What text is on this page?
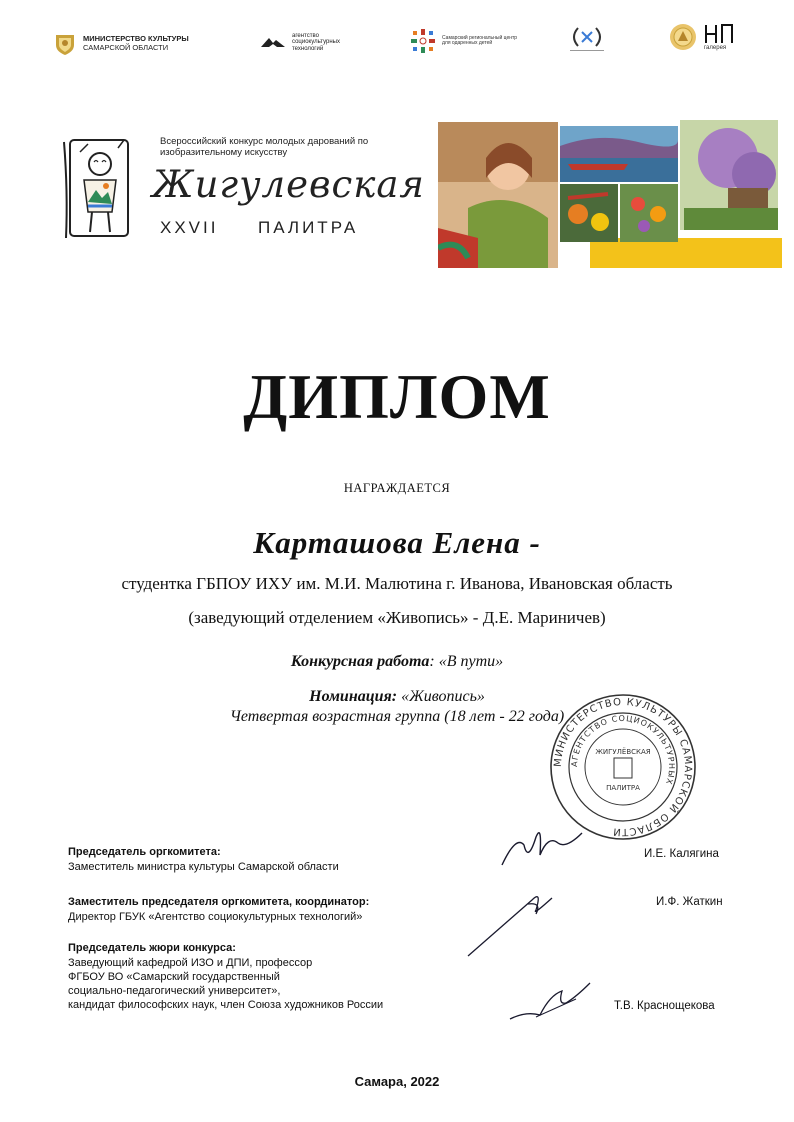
МИНИСТЕРСТВО КУЛЬТУРЫ
САМАРСКОЙ ОБЛАСТИ
агентство
социокультурных
технологий
Самарский региональный центр для одаренных детей
галерея
Всероссийский конкурс молодых дарований по изобразительному искусству
Жигулевская
XXVII ПАЛИТРА
ДИПЛОМ
НАГРАЖДАЕТСЯ
Карташова Елена -
студентка ГБПОУ ИХУ им. М.И. Малютина г. Иванова, Ивановская область
(заведующий отделением «Живопись» - Д.Е. Мариничев)
Конкурсная работа: «В пути»
Номинация: «Живопись»
Четвертая возрастная группа (18 лет - 22 года)
МИНИСТЕРСТВО КУЛЬТУРЫ САМАРСКОЙ ОБЛАСТИ
АГЕНТСТВО СОЦИОКУЛЬТУРНЫХ
ЖИГУЛЁВСКАЯ
ПАЛИТРА
Председатель оргкомитета:
Заместитель министра культуры Самарской области
И.Е. Калягина
Заместитель председателя оргкомитета, координатор:
Директор ГБУК «Агентство социокультурных технологий»
И.Ф. Жаткин
Председатель жюри конкурса:
Заведующий кафедрой ИЗО и ДПИ, профессор
ФГБОУ ВО «Самарский государственный
социально-педагогический университет»,
кандидат философских наук, член Союза художников России	Т.В. Краснощекова
Самара, 2022
